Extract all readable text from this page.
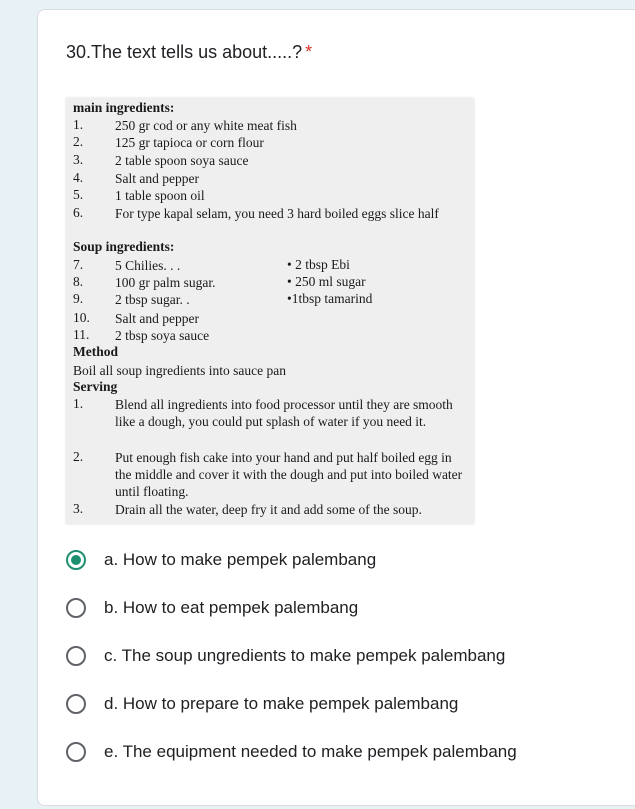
30.The text tells us about.....? *
main ingredients:
1. 250 gr cod or any white meat fish
2. 125 gr tapioca or corn flour
3. 2 table spoon soya sauce
4. Salt and pepper
5. 1 table spoon oil
6. For type kapal selam, you need 3 hard boiled eggs slice half
Soup ingredients:
7. 5 Chilies. . .	• 2 tbsp Ebi
8. 100 gr palm sugar.	• 250 ml sugar
9. 2 tbsp sugar. .	•1tbsp tamarind
10. Salt and pepper
11. 2 tbsp soya sauce
Method
Boil all soup ingredients into sauce pan
Serving
1. Blend all ingredients into food processor until they are smooth like a dough, you could put splash of water if you need it.
2. Put enough fish cake into your hand and put half boiled egg in the middle and cover it with the dough and put into boiled water until floating.
3. Drain all the water, deep fry it and add some of the soup.
a. How to make pempek palembang
b. How to eat pempek palembang
c. The soup ungredients to make pempek palembang
d. How to prepare to make pempek palembang
e. The equipment needed to make pempek palembang
